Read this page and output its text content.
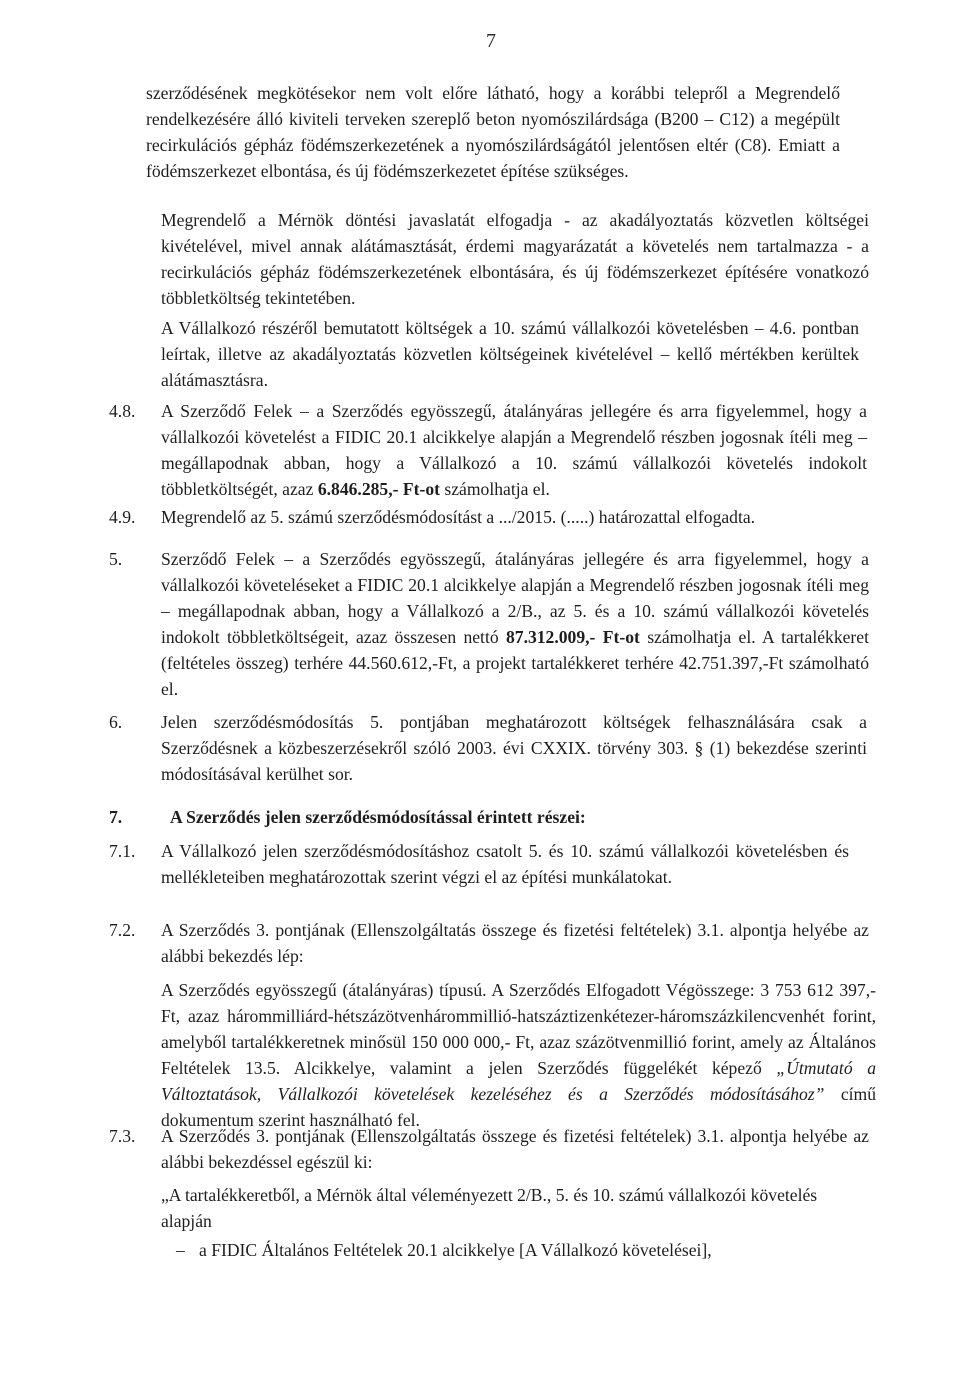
7

szerződésének megkötésekor nem volt előre látható, hogy a korábbi telepről a Megrendelő rendelkezésére álló kiviteli terveken szereplő beton nyomószilárdsága (B200 – C12) a megépült recirkulációs gépház födémszerkezetének a nyomószilárdságától jelentősen eltér (C8). Emiatt a födémszerkezet elbontása, és új födémszerkezetet építése szükséges.

Megrendelő a Mérnök döntési javaslatát elfogadja - az akadályoztatás közvetlen költségei kivételével, mivel annak alátámasztását, érdemi magyarázatát a követelés nem tartalmazza - a recirkulációs gépház födémszerkezetének elbontására, és új födémszerkezet építésére vonatkozó többletköltség tekintetében.

A Vállalkozó részéről bemutatott költségek a 10. számú vállalkozói követelésben – 4.6. pontban leírtak, illetve az akadályoztatás közvetlen költségeinek kivételével – kellő mértékben kerültek alátámasztásra.

4.8. A Szerződő Felek – a Szerződés egyösszegű, átalányáras jellegére és arra figyelemmel, hogy a vállalkozói követelést a FIDIC 20.1 alcikkelye alapján a Megrendelő részben jogosnak ítéli meg – megállapodnak abban, hogy a Vállalkozó a 10. számú vállalkozói követelés indokolt többletköltségét, azaz 6.846.285,- Ft-ot számolhatja el.

4.9. Megrendelő az 5. számú szerződésmódosítást a .../2015. (.....) határozattal elfogadta.

5. Szerződő Felek – a Szerződés egyösszegű, átalányáras jellegére és arra figyelemmel, hogy a vállalkozói követeléseket a FIDIC 20.1 alcikkelye alapján a Megrendelő részben jogosnak ítéli meg – megállapodnak abban, hogy a Vállalkozó a 2/B., az 5. és a 10. számú vállalkozói követelés indokolt többletköltségeit, azaz összesen nettó 87.312.009,- Ft-ot számolhatja el. A tartalékkeret (feltételes összeg) terhére 44.560.612,-Ft, a projekt tartalékkeret terhére 42.751.397,-Ft számolható el.

6. Jelen szerződésmódosítás 5. pontjában meghatározott költségek felhasználására csak a Szerződésnek a közbeszerzésekről szóló 2003. évi CXXIX. törvény 303. § (1) bekezdése szerinti módosításával kerülhet sor.

7.	A Szerződés jelen szerződésmódosítással érintett részei:

7.1. A Vállalkozó jelen szerződésmódosításhoz csatolt 5. és 10. számú vállalkozói követelésben és mellékleteiben meghatározottak szerint végzi el az építési munkálatokat.

7.2. A Szerződés 3. pontjának (Ellenszolgáltatás összege és fizetési feltételek) 3.1. alpontja helyébe az alábbi bekezdés lép:

A Szerződés egyösszegű (átalányáras) típusú. A Szerződés Elfogadott Végösszege: 3 753 612 397,- Ft, azaz hárommilliárd-hétszázötvenhárommillió-hatszáztizenkétezer-háromszázkilencvenhét forint, amelyből tartalékkeretnek minősül 150 000 000,- Ft, azaz százötvenmillió forint, amely az Általános Feltételek 13.5. Alcikkelye, valamint a jelen Szerződés függelékét képező „Útmutató a Változtatások, Vállalkozói követelések kezeléséhez és a Szerződés módosításához” című dokumentum szerint használható fel.

7.3. A Szerződés 3. pontjának (Ellenszolgáltatás összege és fizetési feltételek) 3.1. alpontja helyébe az alábbi bekezdéssel egészül ki:

„A tartalékkeretből, a Mérnök által véleményezett 2/B., 5. és 10. számú vállalkozói követelés alapján

– a FIDIC Általános Feltételek 20.1 alcikkelye [A Vállalkozó követelései],
